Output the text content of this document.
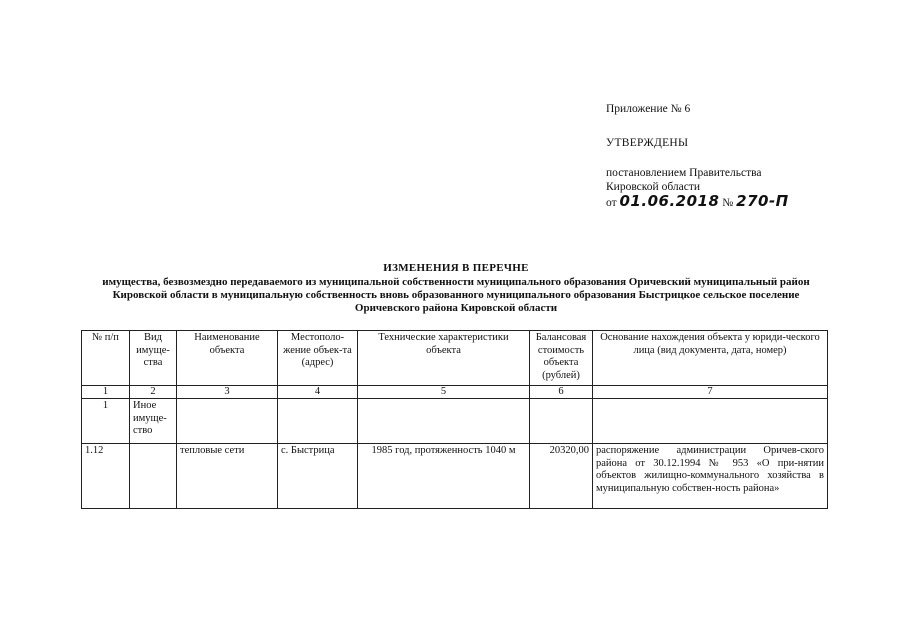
Приложение № 6
УТВЕРЖДЕНЫ
постановлением Правительства
Кировской области
от 01.06.2018 № 270-П
ИЗМЕНЕНИЯ В ПЕРЕЧНЕ
имущества, безвозмездно передаваемого из муниципальной собственности муниципального образования Оричевский муниципальный район Кировской области в муниципальную собственность вновь образованного муниципального образования Быстрицкое сельское поселение Оричевского района Кировской области
№ п/п	Вид имуще-ства	Наименование объекта	Местополо-жение объек-та (адрес)	Технические характеристики объекта	Балансовая стоимость объекта (рублей)	Основание нахождения объекта у юриди-ческого лица (вид документа, дата, номер)
1	2	3	4	5	6	7
1	Иное имуще-ство					
1.12		тепловые сети	с. Быстрица	1985 год, протяженность 1040 м	20320,00	распоряжение администрации Оричев-ского района от 30.12.1994 № 953 «О при-нятии объектов жилищно-коммунального хозяйства в муниципальную собствен-ность района»
